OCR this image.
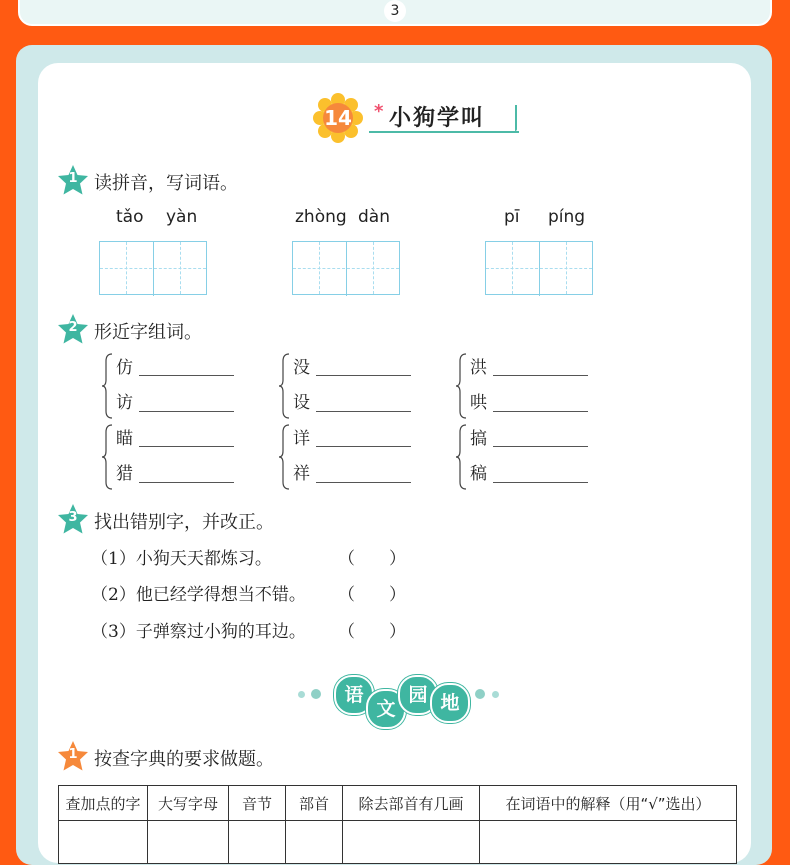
3
14	* 小狗学叫
1 读拼音，写词语。
tǎo yàn	zhòng dàn	pī píng
2 形近字组词。
仿
访
没
设
洪
哄
瞄
猎
详
祥
搞
稿
3 找出错别字，并改正。
（1）小狗天天都炼习。	（　　）
（2）他已经学得想当不错。 （　　）
（3）子弹察过小狗的耳边。 （　　）
语
文
园 地
1 按查字典的要求做题。
查加点的字	大写字母	音节	部首	除去部首有几画	在词语中的解释（用“√”选出）
